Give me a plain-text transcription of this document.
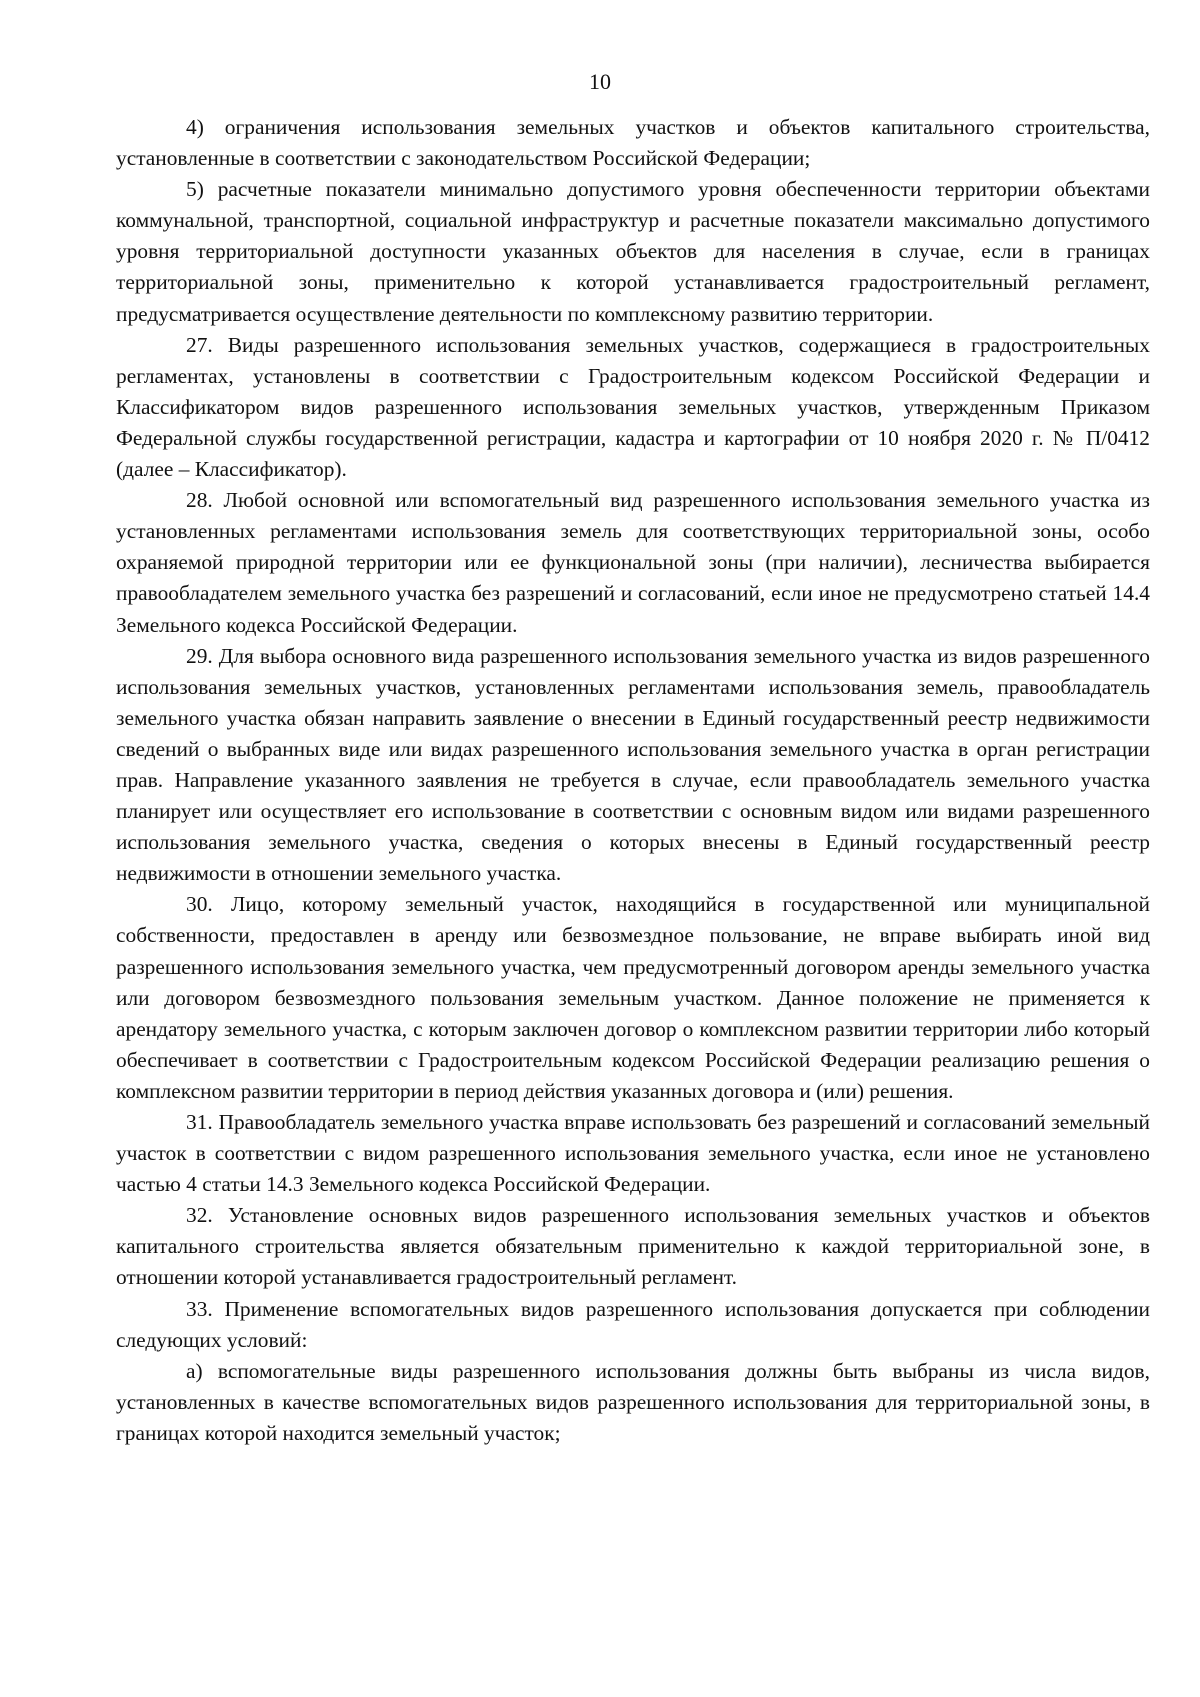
10

4) ограничения использования земельных участков и объектов капитального строительства, установленные в соответствии с законодательством Российской Федерации;

5) расчетные показатели минимально допустимого уровня обеспеченности территории объектами коммунальной, транспортной, социальной инфраструктур и расчетные показатели максимально допустимого уровня территориальной доступности указанных объектов для населения в случае, если в границах территориальной зоны, применительно к которой устанавливается градостроительный регламент, предусматривается осуществление деятельности по комплексному развитию территории.

27. Виды разрешенного использования земельных участков, содержащиеся в градостроительных регламентах, установлены в соответствии с Градостроительным кодексом Российской Федерации и Классификатором видов разрешенного использования земельных участков, утвержденным Приказом Федеральной службы государственной регистрации, кадастра и картографии от 10 ноября 2020 г. № П/0412 (далее – Классификатор).

28. Любой основной или вспомогательный вид разрешенного использования земельного участка из установленных регламентами использования земель для соответствующих территориальной зоны, особо охраняемой природной территории или ее функциональной зоны (при наличии), лесничества выбирается правообладателем земельного участка без разрешений и согласований, если иное не предусмотрено статьей 14.4 Земельного кодекса Российской Федерации.

29. Для выбора основного вида разрешенного использования земельного участка из видов разрешенного использования земельных участков, установленных регламентами использования земель, правообладатель земельного участка обязан направить заявление о внесении в Единый государственный реестр недвижимости сведений о выбранных виде или видах разрешенного использования земельного участка в орган регистрации прав. Направление указанного заявления не требуется в случае, если правообладатель земельного участка планирует или осуществляет его использование в соответствии с основным видом или видами разрешенного использования земельного участка, сведения о которых внесены в Единый государственный реестр недвижимости в отношении земельного участка.

30. Лицо, которому земельный участок, находящийся в государственной или муниципальной собственности, предоставлен в аренду или безвозмездное пользование, не вправе выбирать иной вид разрешенного использования земельного участка, чем предусмотренный договором аренды земельного участка или договором безвозмездного пользования земельным участком. Данное положение не применяется к арендатору земельного участка, с которым заключен договор о комплексном развитии территории либо который обеспечивает в соответствии с Градостроительным кодексом Российской Федерации реализацию решения о комплексном развитии территории в период действия указанных договора и (или) решения.

31. Правообладатель земельного участка вправе использовать без разрешений и согласований земельный участок в соответствии с видом разрешенного использования земельного участка, если иное не установлено частью 4 статьи 14.3 Земельного кодекса Российской Федерации.

32. Установление основных видов разрешенного использования земельных участков и объектов капитального строительства является обязательным применительно к каждой территориальной зоне, в отношении которой устанавливается градостроительный регламент.

33. Применение вспомогательных видов разрешенного использования допускается при соблюдении следующих условий:

а) вспомогательные виды разрешенного использования должны быть выбраны из числа видов, установленных в качестве вспомогательных видов разрешенного использования для территориальной зоны, в границах которой находится земельный участок;
